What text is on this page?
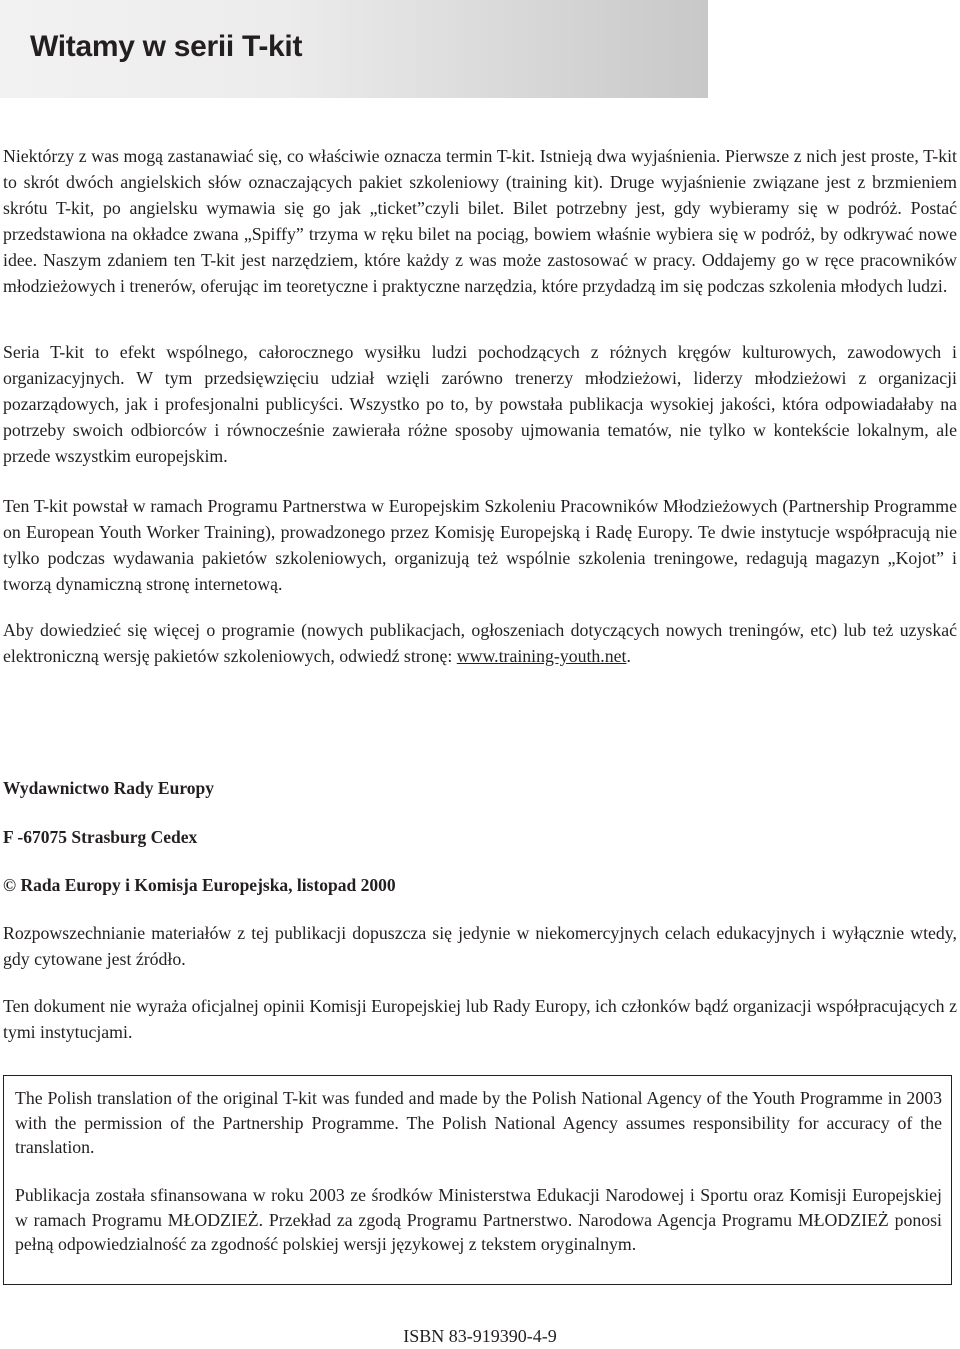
Witamy w serii T-kit

Niektórzy z was mogą zastanawiać się, co właściwie oznacza termin T-kit. Istnieją dwa wyjaśnienia. Pierwsze z nich jest proste, T-kit to skrót dwóch angielskich słów oznaczających pakiet szkoleniowy (training kit). Druge wyjaśnienie związane jest z brzmieniem skrótu T-kit, po angielsku wymawia się go jak „ticket”czyli bilet. Bilet potrzebny jest, gdy wybieramy się w podróż. Postać przedstawiona na okładce zwana „Spiffy” trzyma w ręku bilet na pociąg, bowiem właśnie wybiera się w podróż, by odkrywać nowe idee. Naszym zdaniem ten T-kit jest narzędziem, które każdy z was może zastosować w pracy. Oddajemy go w ręce pracowników młodzieżowych i trenerów, oferując im teoretyczne i praktyczne narzędzia, które przydadzą im się podczas szkolenia młodych ludzi.

Seria T-kit to efekt wspólnego, całorocznego wysiłku ludzi pochodzących z różnych kręgów kulturowych, zawodowych i organizacyjnych. W tym przedsięwzięciu udział wzięli zarówno trenerzy młodzieżowi, liderzy młodzieżowi z organizacji pozarządowych, jak i profesjonalni publicyści. Wszystko po to, by powstała publikacja wysokiej jakości, która odpowiadałaby na potrzeby swoich odbiorców i równocześnie zawierała różne sposoby ujmowania tematów, nie tylko w kontekście lokalnym, ale przede wszystkim europejskim.

Ten T-kit powstał w ramach Programu Partnerstwa w Europejskim Szkoleniu Pracowników Młodzieżowych (Partnership Programme on European Youth Worker Training), prowadzonego przez Komisję Europejską i Radę Europy. Te dwie instytucje współpracują nie tylko podczas wydawania pakietów szkoleniowych, organizują też wspólnie szkolenia treningowe, redagują magazyn „Kojot” i tworzą dynamiczną stronę internetową.

Aby dowiedzieć się więcej o programie (nowych publikacjach, ogłoszeniach dotyczących nowych treningów, etc) lub też uzyskać elektroniczną wersję pakietów szkoleniowych, odwiedź stronę: www.training-youth.net.

Wydawnictwo Rady Europy

F -67075 Strasburg Cedex

© Rada Europy i Komisja Europejska, listopad 2000

Rozpowszechnianie materiałów z tej publikacji dopuszcza się jedynie w niekomercyjnych celach edukacyjnych i wyłącznie wtedy, gdy cytowane jest źródło.

Ten dokument nie wyraża oficjalnej opinii Komisji Europejskiej lub Rady Europy, ich członków bądź organizacji współpracujących z tymi instytucjami.

The Polish translation of the original T-kit was funded and made by the Polish National Agency of the Youth Programme in 2003 with the permission of the Partnership Programme. The Polish National Agency assumes responsibility for accuracy of the translation.

Publikacja została sfinansowana w roku 2003 ze środków Ministerstwa Edukacji Narodowej i Sportu oraz Komisji Europejskiej w ramach Programu MŁODZIEŻ. Przekład za zgodą Programu Partnerstwo. Narodowa Agencja Programu MŁODZIEŻ ponosi pełną odpowiedzialność za zgodność polskiej wersji językowej z tekstem oryginalnym.

ISBN 83-919390-4-9
